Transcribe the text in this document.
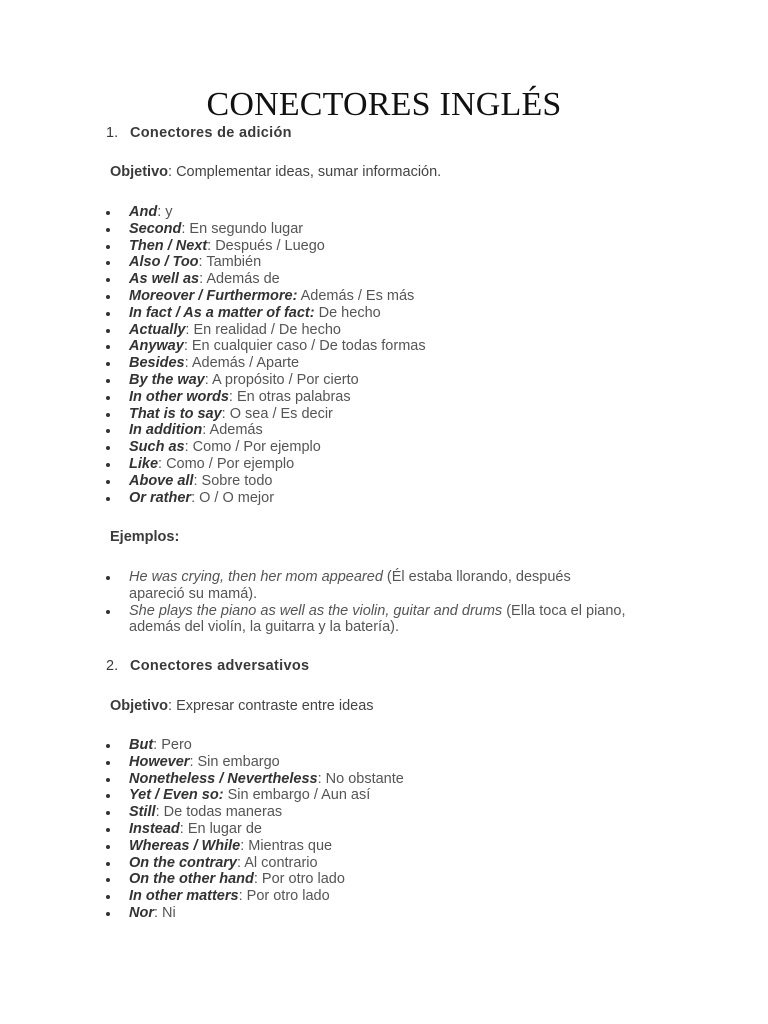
CONECTORES INGLÉS
1. Conectores de adición
Objetivo: Complementar ideas, sumar información.
And: y
Second: En segundo lugar
Then / Next: Después / Luego
Also / Too: También
As well as: Además de
Moreover / Furthermore: Además / Es más
In fact / As a matter of fact: De hecho
Actually: En realidad / De hecho
Anyway: En cualquier caso / De todas formas
Besides: Además / Aparte
By the way: A propósito / Por cierto
In other words: En otras palabras
That is to say: O sea / Es decir
In addition: Además
Such as: Como / Por ejemplo
Like: Como / Por ejemplo
Above all: Sobre todo
Or rather: O / O mejor
Ejemplos:
He was crying, then her mom appeared (Él estaba llorando, después apareció su mamá).
She plays the piano as well as the violin, guitar and drums (Ella toca el piano, además del violín, la guitarra y la batería).
2. Conectores adversativos
Objetivo: Expresar contraste entre ideas
But: Pero
However: Sin embargo
Nonetheless / Nevertheless: No obstante
Yet / Even so: Sin embargo / Aun así
Still: De todas maneras
Instead: En lugar de
Whereas / While: Mientras que
On the contrary: Al contrario
On the other hand: Por otro lado
In other matters: Por otro lado
Nor: Ni
